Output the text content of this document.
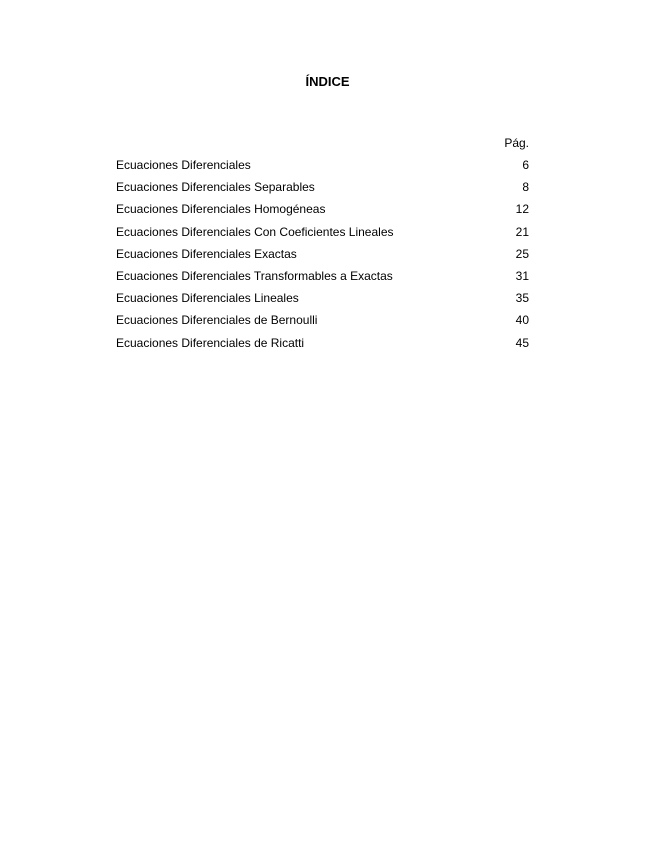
ÍNDICE
Pág.
Ecuaciones Diferenciales	6
Ecuaciones Diferenciales Separables	8
Ecuaciones Diferenciales Homogéneas	12
Ecuaciones Diferenciales Con Coeficientes Lineales	21
Ecuaciones Diferenciales Exactas	25
Ecuaciones Diferenciales Transformables a Exactas	31
Ecuaciones Diferenciales Lineales	35
Ecuaciones Diferenciales de Bernoulli	40
Ecuaciones Diferenciales de Ricatti	45
